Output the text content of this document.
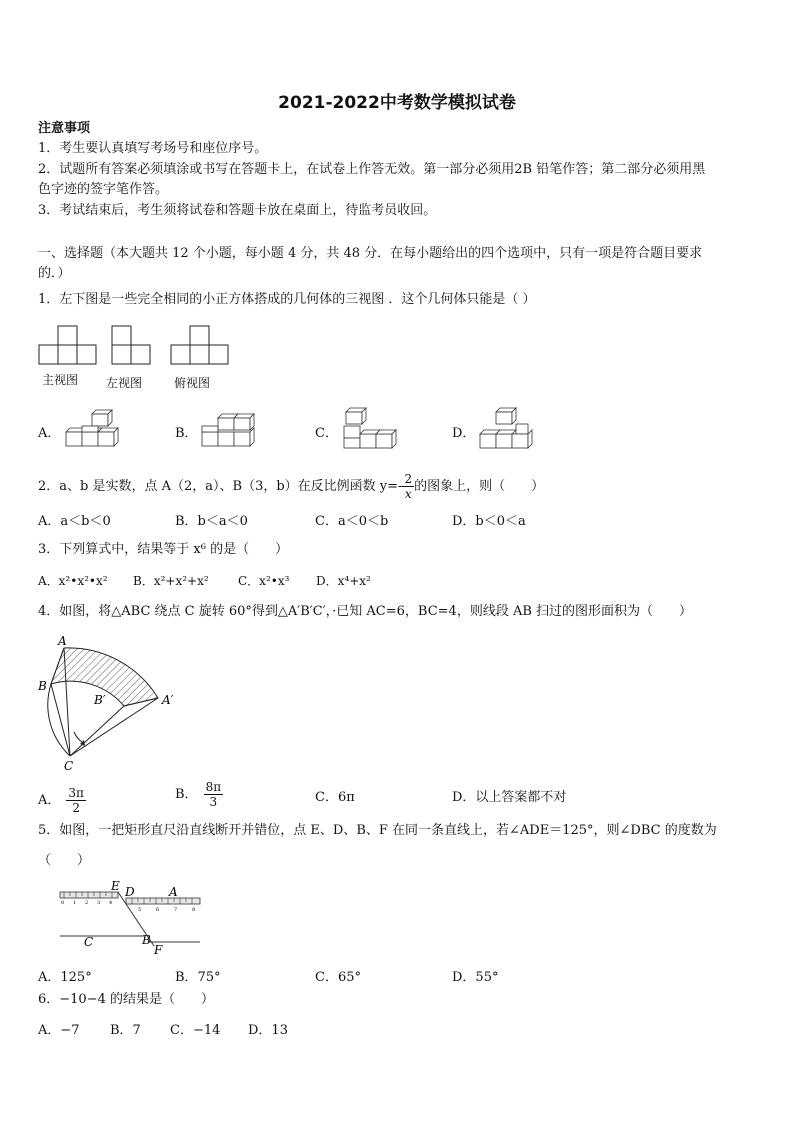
2021-2022中考数学模拟试卷
注意事项
1．考生要认真填写考场号和座位序号。
2．试题所有答案必须填涂或书写在答题卡上，在试卷上作答无效。第一部分必须用2B 铅笔作答；第二部分必须用黑
色字迹的签字笔作答。
3．考试结束后，考生须将试卷和答题卡放在桌面上，待监考员收回。
一、选择题（本大题共 12 个小题，每小题 4 分，共 48 分．在每小题给出的四个选项中，只有一项是符合题目要求
的．）
1．左下图是一些完全相同的小正方体搭成的几何体的三视图 ．这个几何体只能是（ ）
主视图 左视图	俯视图
A．	B．	C．	D．
2．a、b 是实数，点 A（2，a）、B（3，b）在反比例函数 $y=- \frac{2}{x}$ 的图象上，则（　　）
A．a＜b＜0	B．b＜a＜0	C．a＜0＜b	D．b＜0＜a
3．下列算式中，结果等于 x⁶ 的是（　　）
A．x²•x²•x² B．x²+x²+x² C．x²•x³ D．x⁴+x²
4．如图，将△ABC 绕点 C 旋转 60°得到△A′B′C′，·已知 AC=6，BC=4，则线段 AB 扫过的图形面积为（　　）
A
B
B′	A′
C
A． $\frac{3\pi}{2}$	B． $\frac{8\pi}{3}$	C．6π	D．以上答案都不对
5．如图，一把矩形直尺沿直线断开并错位，点 E、D、B、F 在同一条直线上，若∠ADE＝125°，则∠DBC 的度数为
（　　）
0 1 2 3 4
5	6	7	8
E D	A
C	B
F
A．125°	B．75°	C．65°	D．55°
6．−10−4 的结果是（　　）
A．−7 B．7 C．−14 D．13
